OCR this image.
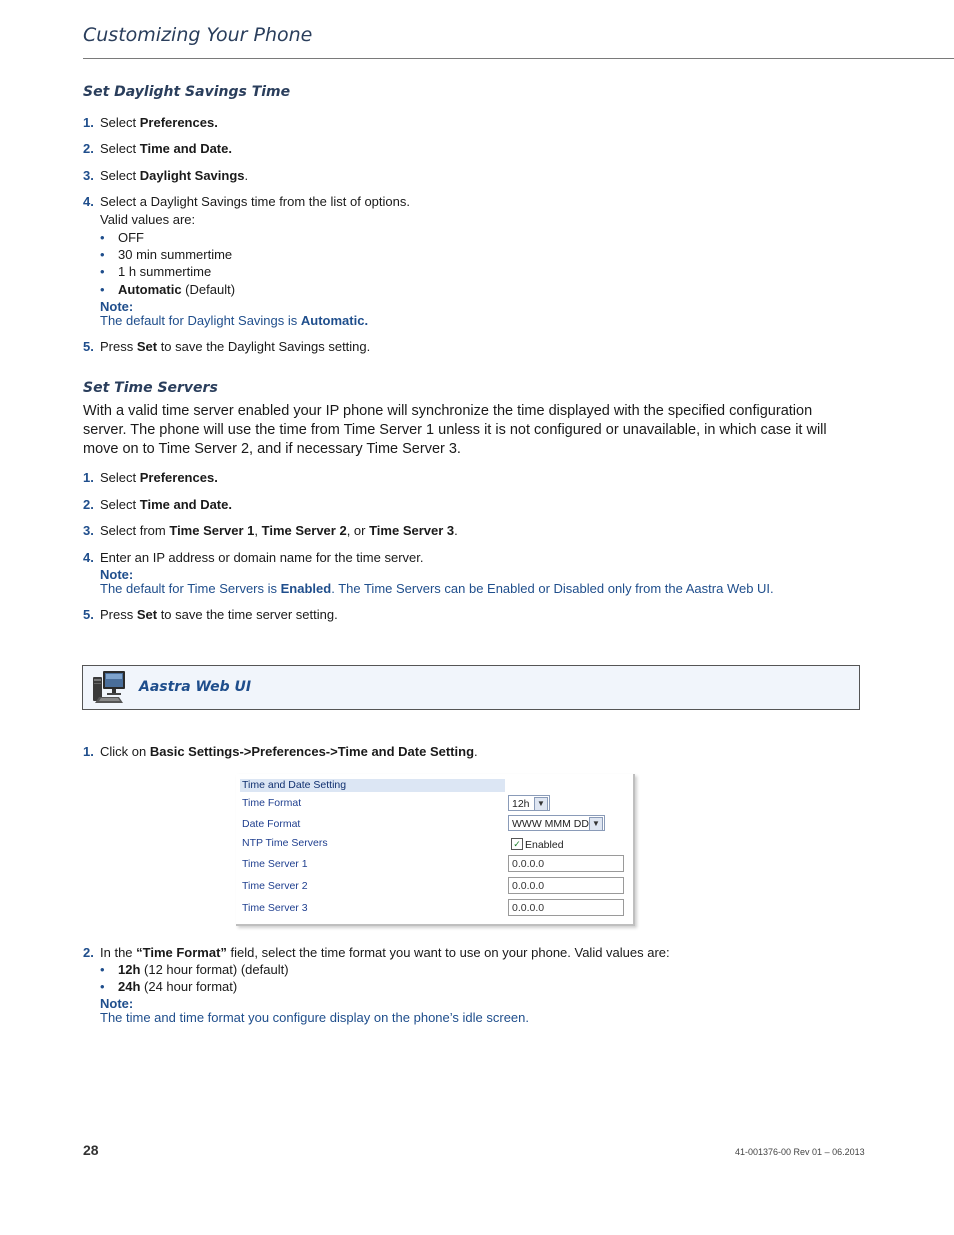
Customizing Your Phone
Set Daylight Savings Time
1. Select Preferences.
2. Select Time and Date.
3. Select Daylight Savings.
4. Select a Daylight Savings time from the list of options.
Valid values are:
• OFF
• 30 min summertime
• 1 h summertime
• Automatic (Default)
Note:
The default for Daylight Savings is Automatic.
5. Press Set to save the Daylight Savings setting.
Set Time Servers
With a valid time server enabled your IP phone will synchronize the time displayed with the specified configuration server. The phone will use the time from Time Server 1 unless it is not configured or unavailable, in which case it will move on to Time Server 2, and if necessary Time Server 3.
1. Select Preferences.
2. Select Time and Date.
3. Select from Time Server 1, Time Server 2, or Time Server 3.
4. Enter an IP address or domain name for the time server.
Note:
The default for Time Servers is Enabled. The Time Servers can be Enabled or Disabled only from the Aastra Web UI.
5. Press Set to save the time server setting.
Aastra Web UI
1. Click on Basic Settings->Preferences->Time and Date Setting.
Time and Date Setting
Time Format	12h ▼
Date Format	WWW MMM DD ▼
NTP Time Servers	✓ Enabled
Time Server 1	0.0.0.0
Time Server 2	0.0.0.0
Time Server 3	0.0.0.0
2. In the “Time Format” field, select the time format you want to use on your phone. Valid values are:
• 12h (12 hour format) (default)
• 24h (24 hour format)
Note:
The time and time format you configure display on the phone’s idle screen.
28	41-001376-00 Rev 01 – 06.2013
